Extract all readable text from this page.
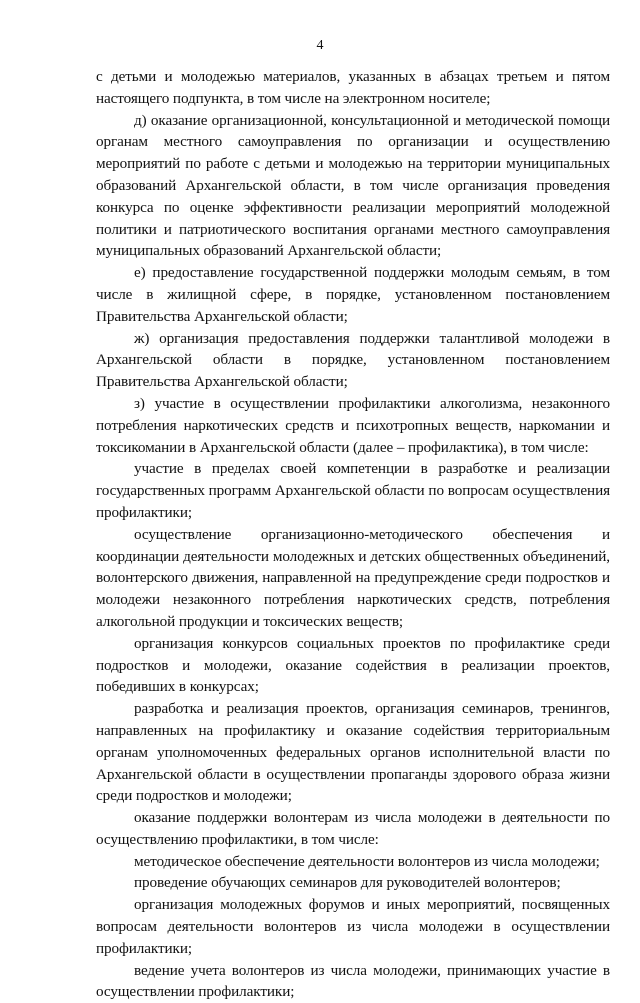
4

с детьми и молодежью материалов, указанных в абзацах третьем и пятом настоящего подпункта, в том числе на электронном носителе;

д) оказание организационной, консультационной и методической помощи органам местного самоуправления по организации и осуществлению мероприятий по работе с детьми и молодежью на территории муниципальных образований Архангельской области, в том числе организация проведения конкурса по оценке эффективности реализации мероприятий молодежной политики и патриотического воспитания органами местного самоуправления муниципальных образований Архангельской области;

е) предоставление государственной поддержки молодым семьям, в том числе в жилищной сфере, в порядке, установленном постановлением Правительства Архангельской области;

ж) организация предоставления поддержки талантливой молодежи в Архангельской области в порядке, установленном постановлением Правительства Архангельской области;

з) участие в осуществлении профилактики алкоголизма, незаконного потребления наркотических средств и психотропных веществ, наркомании и токсикомании в Архангельской области (далее – профилактика), в том числе:

участие в пределах своей компетенции в разработке и реализации государственных программ Архангельской области по вопросам осуществления профилактики;

осуществление организационно-методического обеспечения и координации деятельности молодежных и детских общественных объединений, волонтерского движения, направленной на предупреждение среди подростков и молодежи незаконного потребления наркотических средств, потребления алкогольной продукции и токсических веществ;

организация конкурсов социальных проектов по профилактике среди подростков и молодежи, оказание содействия в реализации проектов, победивших в конкурсах;

разработка и реализация проектов, организация семинаров, тренингов, направленных на профилактику и оказание содействия территориальным органам уполномоченных федеральных органов исполнительной власти по Архангельской области в осуществлении пропаганды здорового образа жизни среди подростков и молодежи;

оказание поддержки волонтерам из числа молодежи в деятельности по осуществлению профилактики, в том числе:

методическое обеспечение деятельности волонтеров из числа молодежи;

проведение обучающих семинаров для руководителей волонтеров;

организация молодежных форумов и иных мероприятий, посвященных вопросам деятельности волонтеров из числа молодежи в осуществлении профилактики;

ведение учета волонтеров из числа молодежи, принимающих участие в осуществлении профилактики;
